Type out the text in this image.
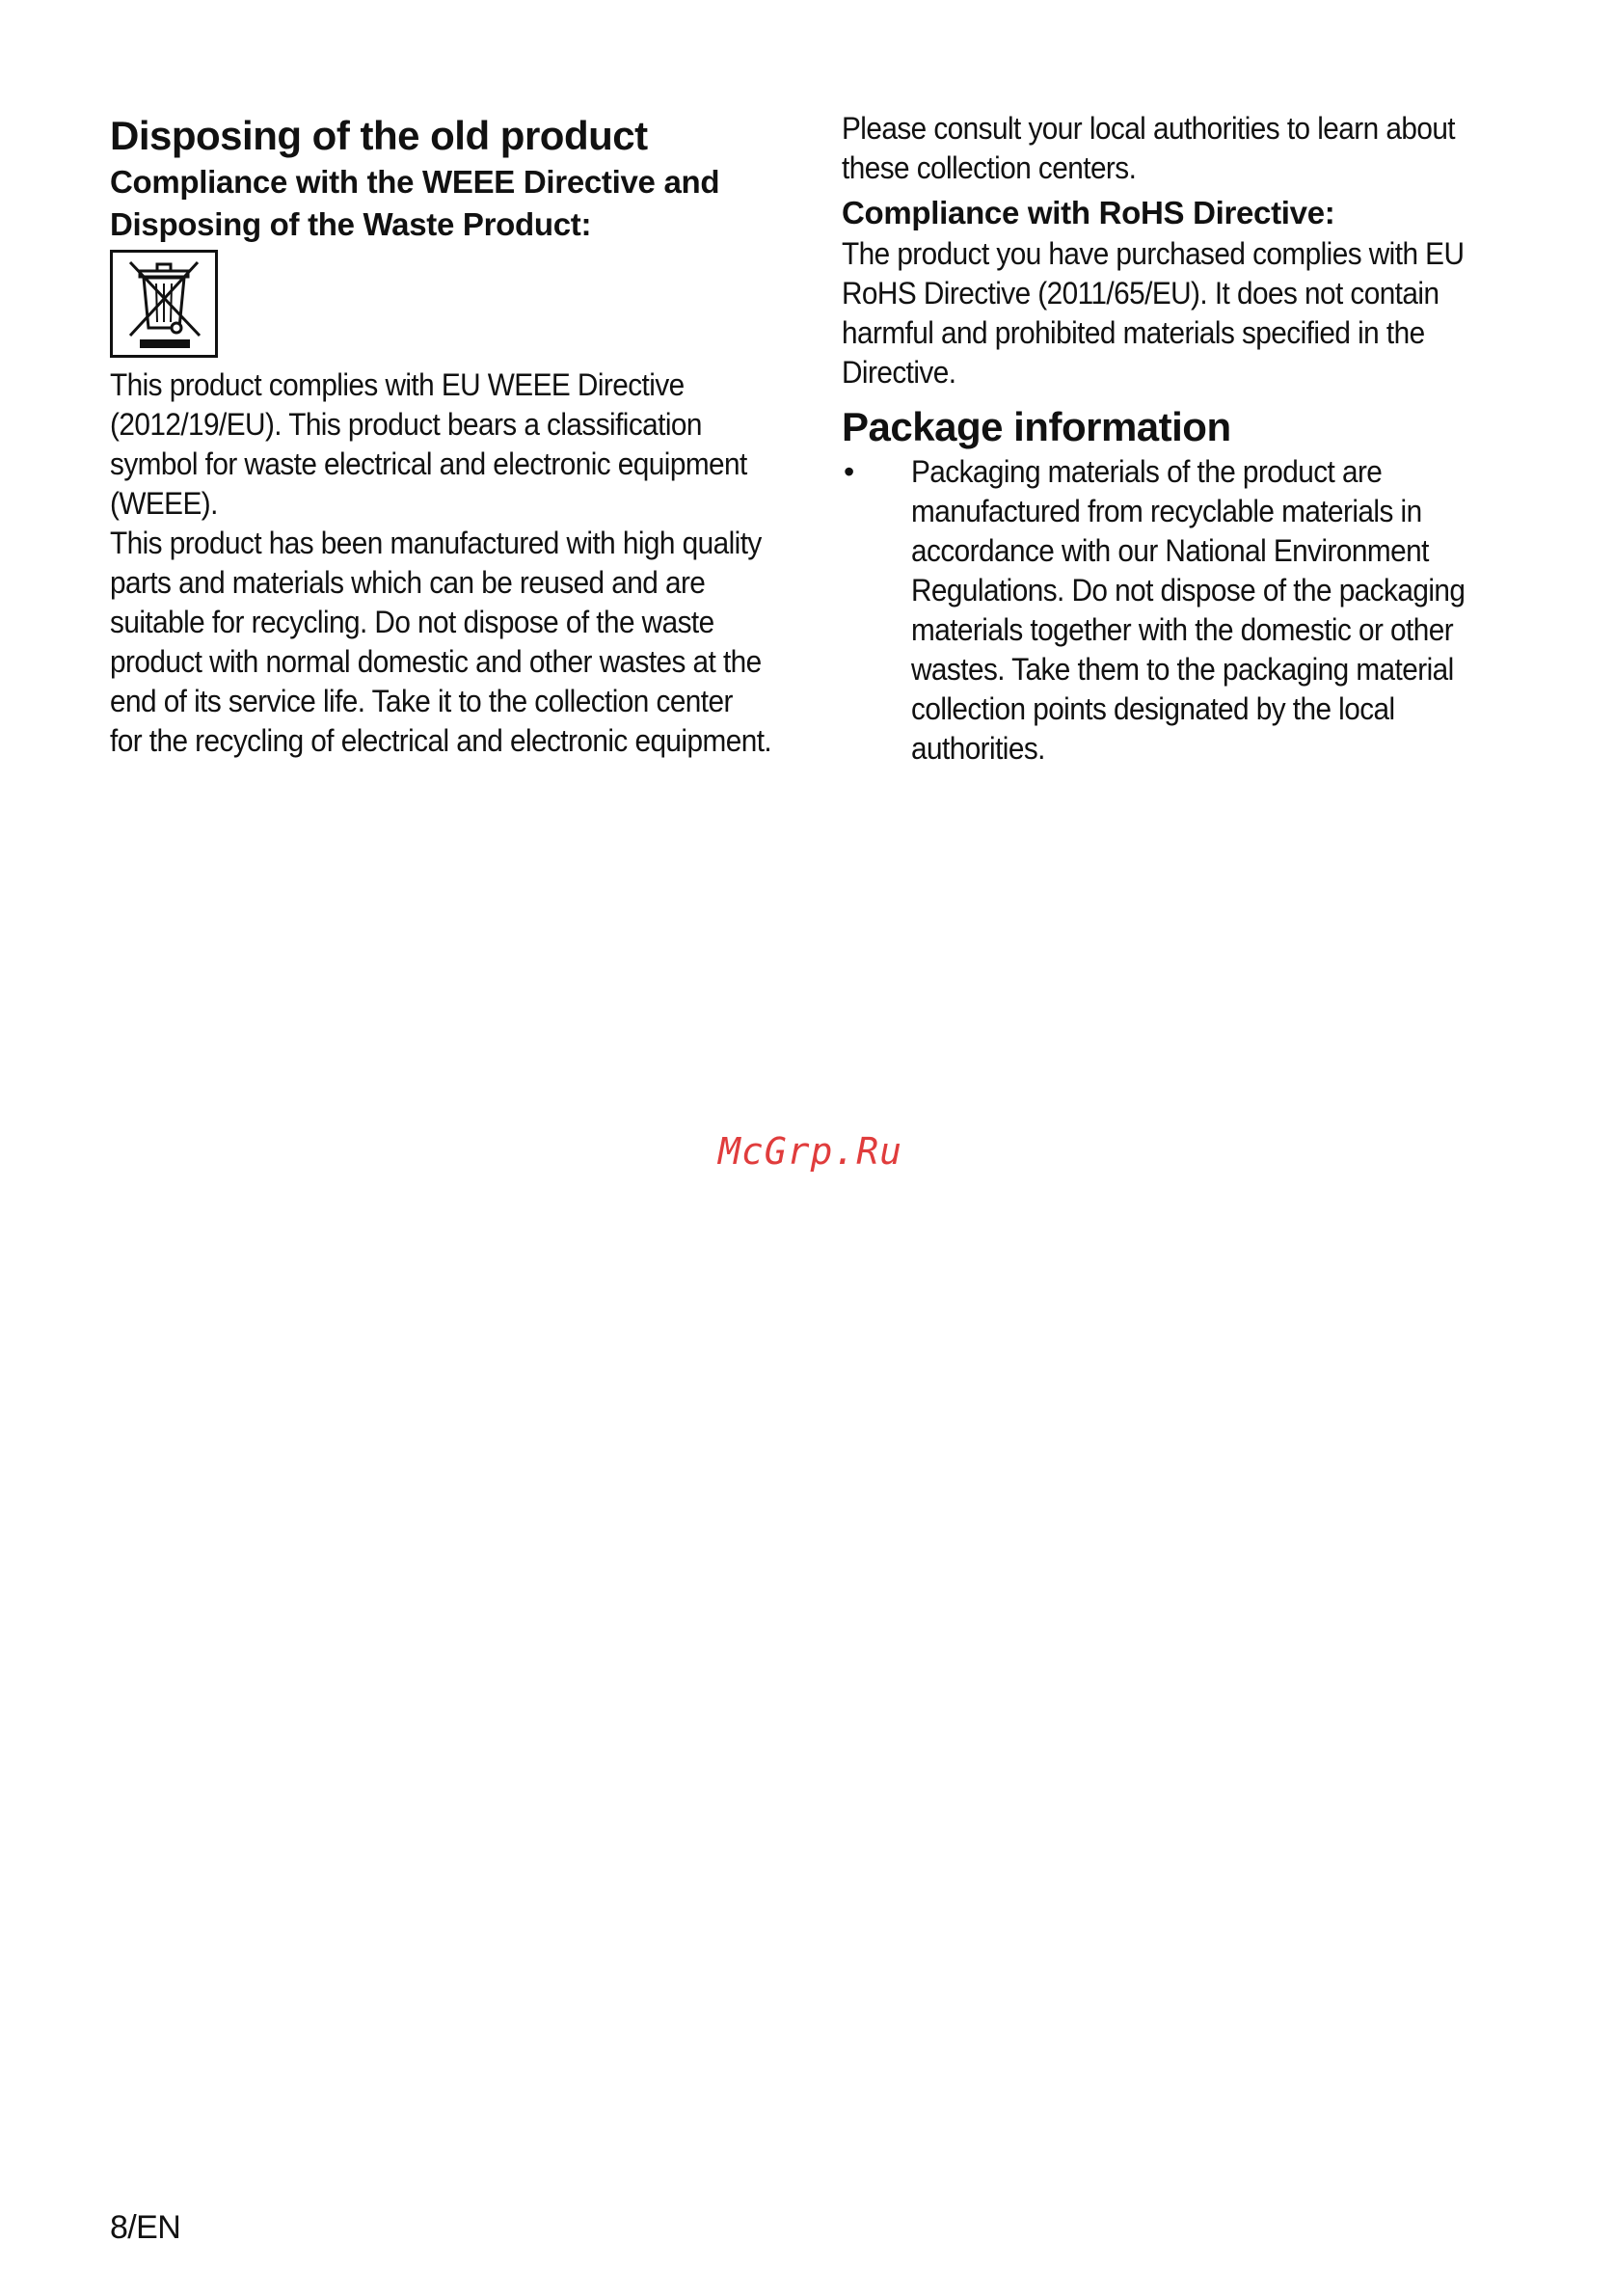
Disposing of the old product
Compliance with the WEEE Directive and
Disposing of the Waste Product:
This product complies with EU WEEE Directive
(2012/19/EU). This product bears a classification
symbol for waste electrical and electronic equipment
(WEEE).
This product has been manufactured with high quality
parts and materials which can be reused and are
suitable for recycling. Do not dispose of the waste
product with normal domestic and other wastes at the
end of its service life. Take it to the collection center
for the recycling of electrical and electronic equipment.
Please consult your local authorities to learn about
these collection centers.
Compliance with RoHS Directive:
The product you have purchased complies with EU
RoHS Directive (2011/65/EU). It does not contain
harmful and prohibited materials specified in the
Directive.
Package information
• Packaging materials of the product are
manufactured from recyclable materials in
accordance with our National Environment
Regulations. Do not dispose of the packaging
materials together with the domestic or other
wastes. Take them to the packaging material
collection points designated by the local
authorities.
McGrp.Ru
8/EN
